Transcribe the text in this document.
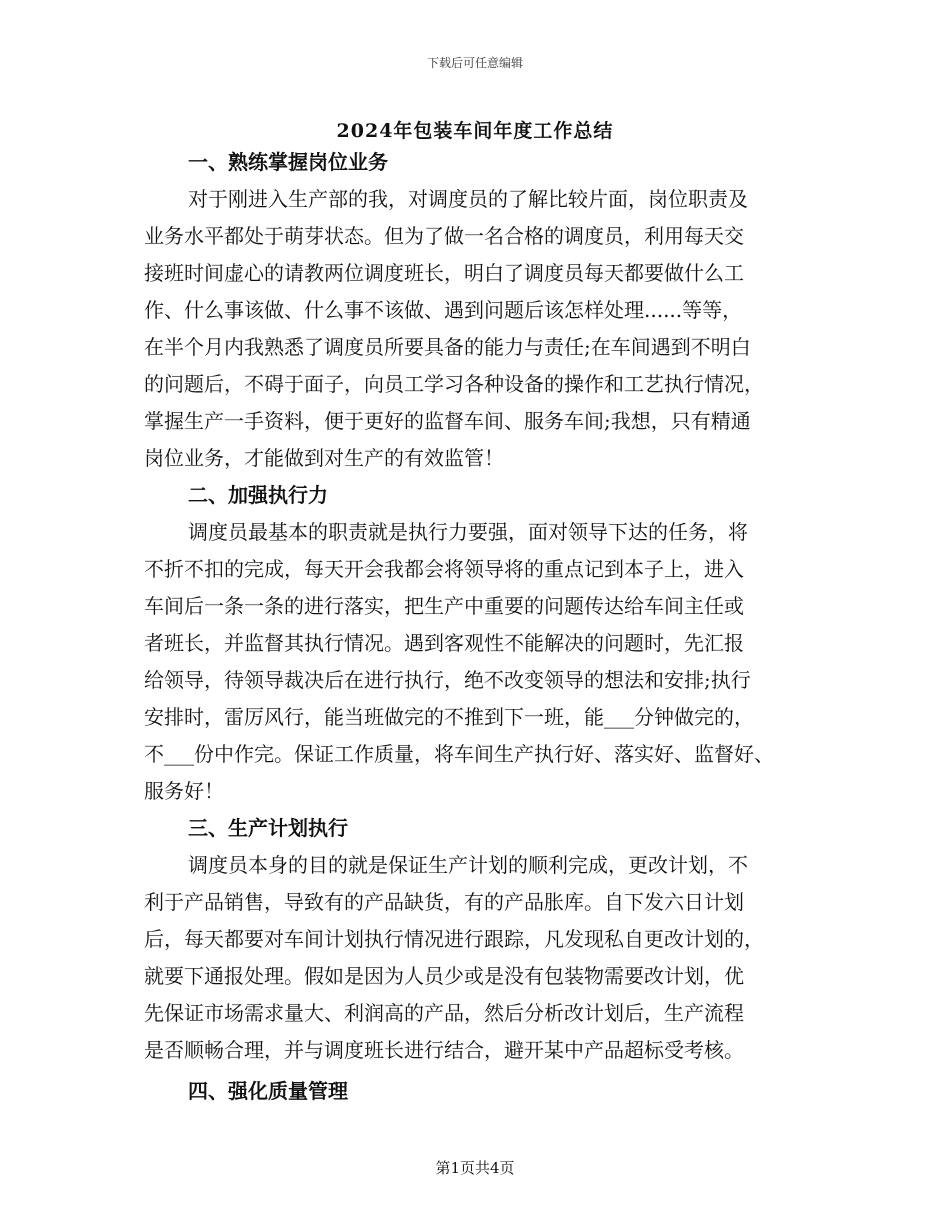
下载后可任意编辑
2024年包装车间年度工作总结
一、熟练掌握岗位业务
对于刚进入生产部的我，对调度员的了解比较片面，岗位职责及
业务水平都处于萌芽状态。但为了做一名合格的调度员，利用每天交
接班时间虚心的请教两位调度班长，明白了调度员每天都要做什么工
作、什么事该做、什么事不该做、遇到问题后该怎样处理......等等，
在半个月内我熟悉了调度员所要具备的能力与责任;在车间遇到不明白
的问题后，不碍于面子，向员工学习各种设备的操作和工艺执行情况，
掌握生产一手资料，便于更好的监督车间、服务车间;我想，只有精通
岗位业务，才能做到对生产的有效监管！
二、加强执行力
调度员最基本的职责就是执行力要强，面对领导下达的任务，将
不折不扣的完成，每天开会我都会将领导将的重点记到本子上，进入
车间后一条一条的进行落实，把生产中重要的问题传达给车间主任或
者班长，并监督其执行情况。遇到客观性不能解决的问题时，先汇报
给领导，待领导裁决后在进行执行，绝不改变领导的想法和安排;执行
安排时，雷厉风行，能当班做完的不推到下一班，能___分钟做完的，
不___份中作完。保证工作质量，将车间生产执行好、落实好、监督好、
服务好！
三、生产计划执行
调度员本身的目的就是保证生产计划的顺利完成，更改计划，不
利于产品销售，导致有的产品缺货，有的产品胀库。自下发六日计划
后，每天都要对车间计划执行情况进行跟踪，凡发现私自更改计划的，
就要下通报处理。假如是因为人员少或是没有包装物需要改计划，优
先保证市场需求量大、利润高的产品，然后分析改计划后，生产流程
是否顺畅合理，并与调度班长进行结合，避开某中产品超标受考核。
四、强化质量管理
第1页共4页
